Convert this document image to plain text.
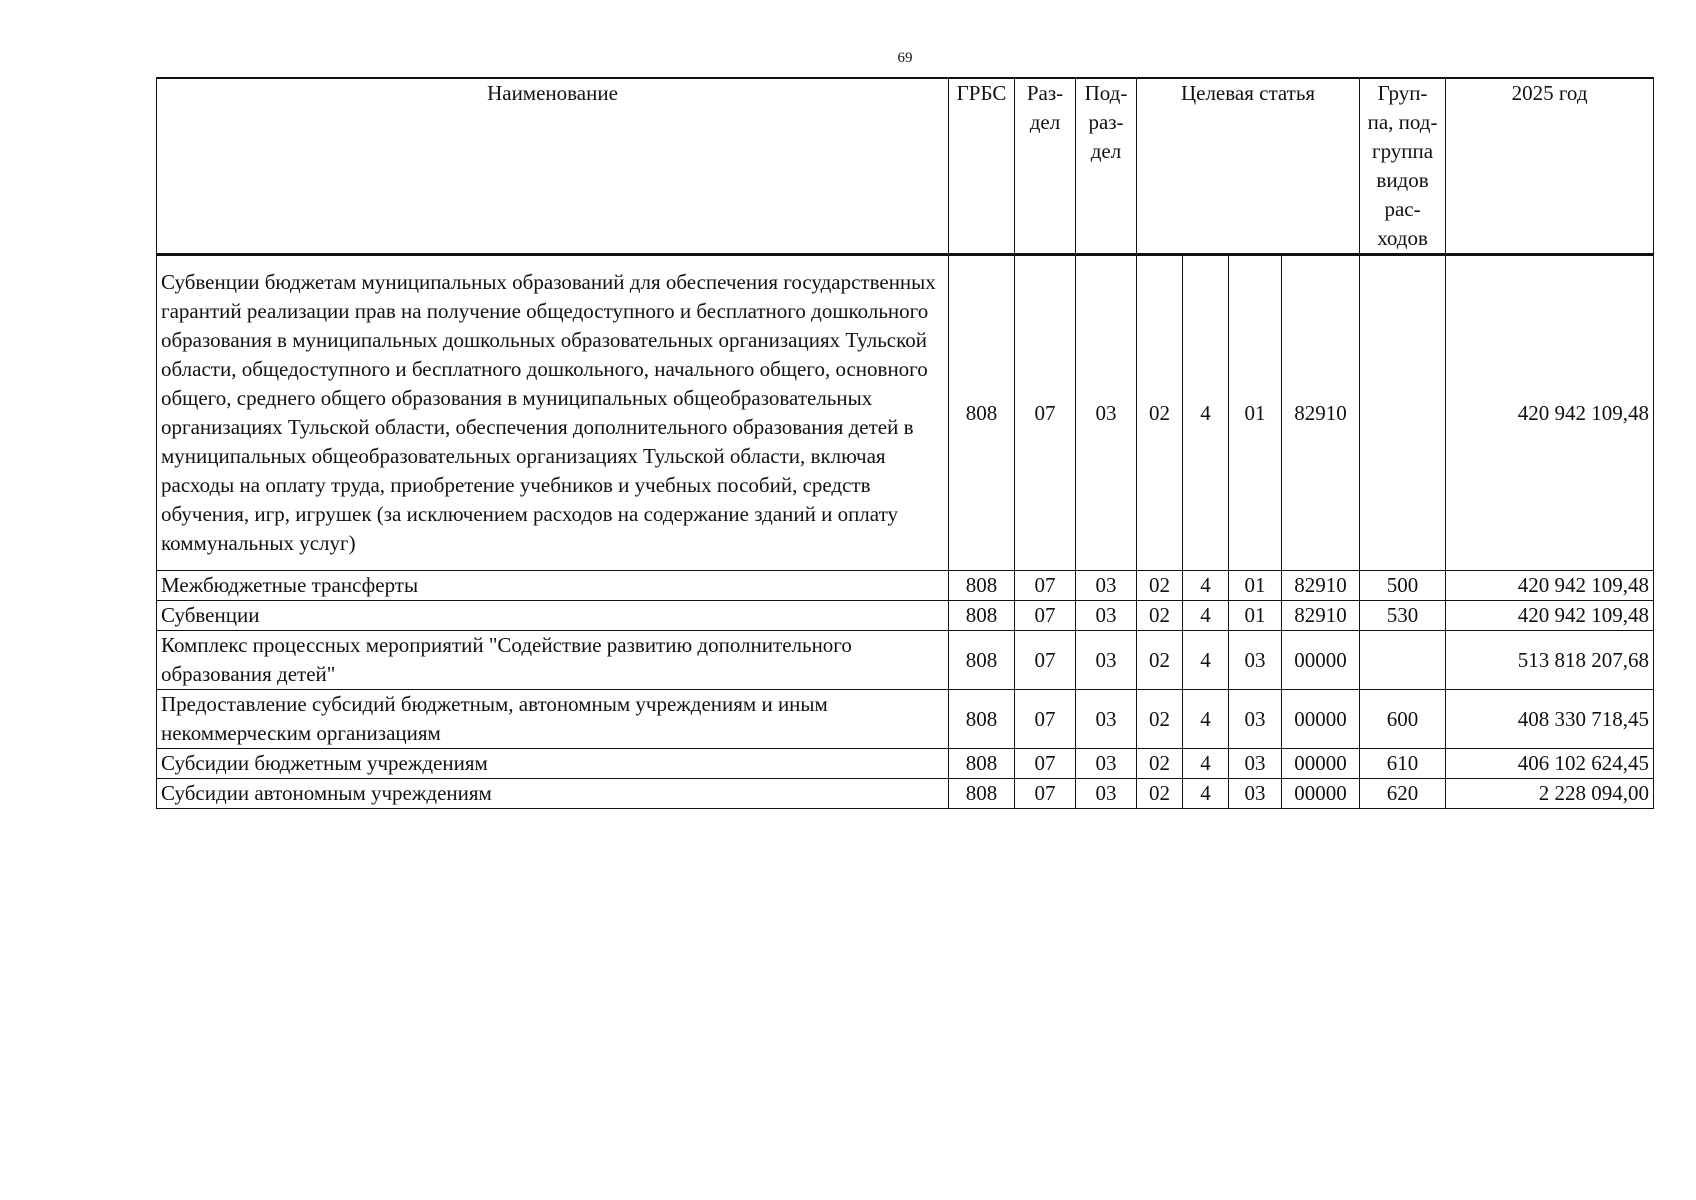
69
Наименование	ГРБС	Раз- дел	Под- раз- дел	Целевая статья				Груп- па, под- группа видов рас- ходов	2025 год
Субвенции бюджетам муниципальных образований для обеспечения государственных гарантий реализации прав на получение общедоступного и бесплатного дошкольного образования в муниципальных дошкольных образовательных организациях Тульской области, общедоступного и бесплатного дошкольного, начального общего, основного общего, среднего общего образования в муниципальных общеобразовательных организациях Тульской области, обеспечения дополнительного образования детей в муниципальных общеобразовательных организациях Тульской области, включая расходы на оплату труда, приобретение учебников и учебных пособий, средств обучения, игр, игрушек (за исключением расходов на содержание зданий и оплату коммунальных услуг)	808	07	03	02	4	01	82910		420 942 109,48
Межбюджетные трансферты	808	07	03	02	4	01	82910	500	420 942 109,48
Субвенции	808	07	03	02	4	01	82910	530	420 942 109,48
Комплекс процессных мероприятий "Содействие развитию дополнительного образования детей"	808	07	03	02	4	03	00000		513 818 207,68
Предоставление субсидий бюджетным, автономным учреждениям и иным некоммерческим организациям	808	07	03	02	4	03	00000	600	408 330 718,45
Субсидии бюджетным учреждениям	808	07	03	02	4	03	00000	610	406 102 624,45
Субсидии автономным учреждениям	808	07	03	02	4	03	00000	620	2 228 094,00
